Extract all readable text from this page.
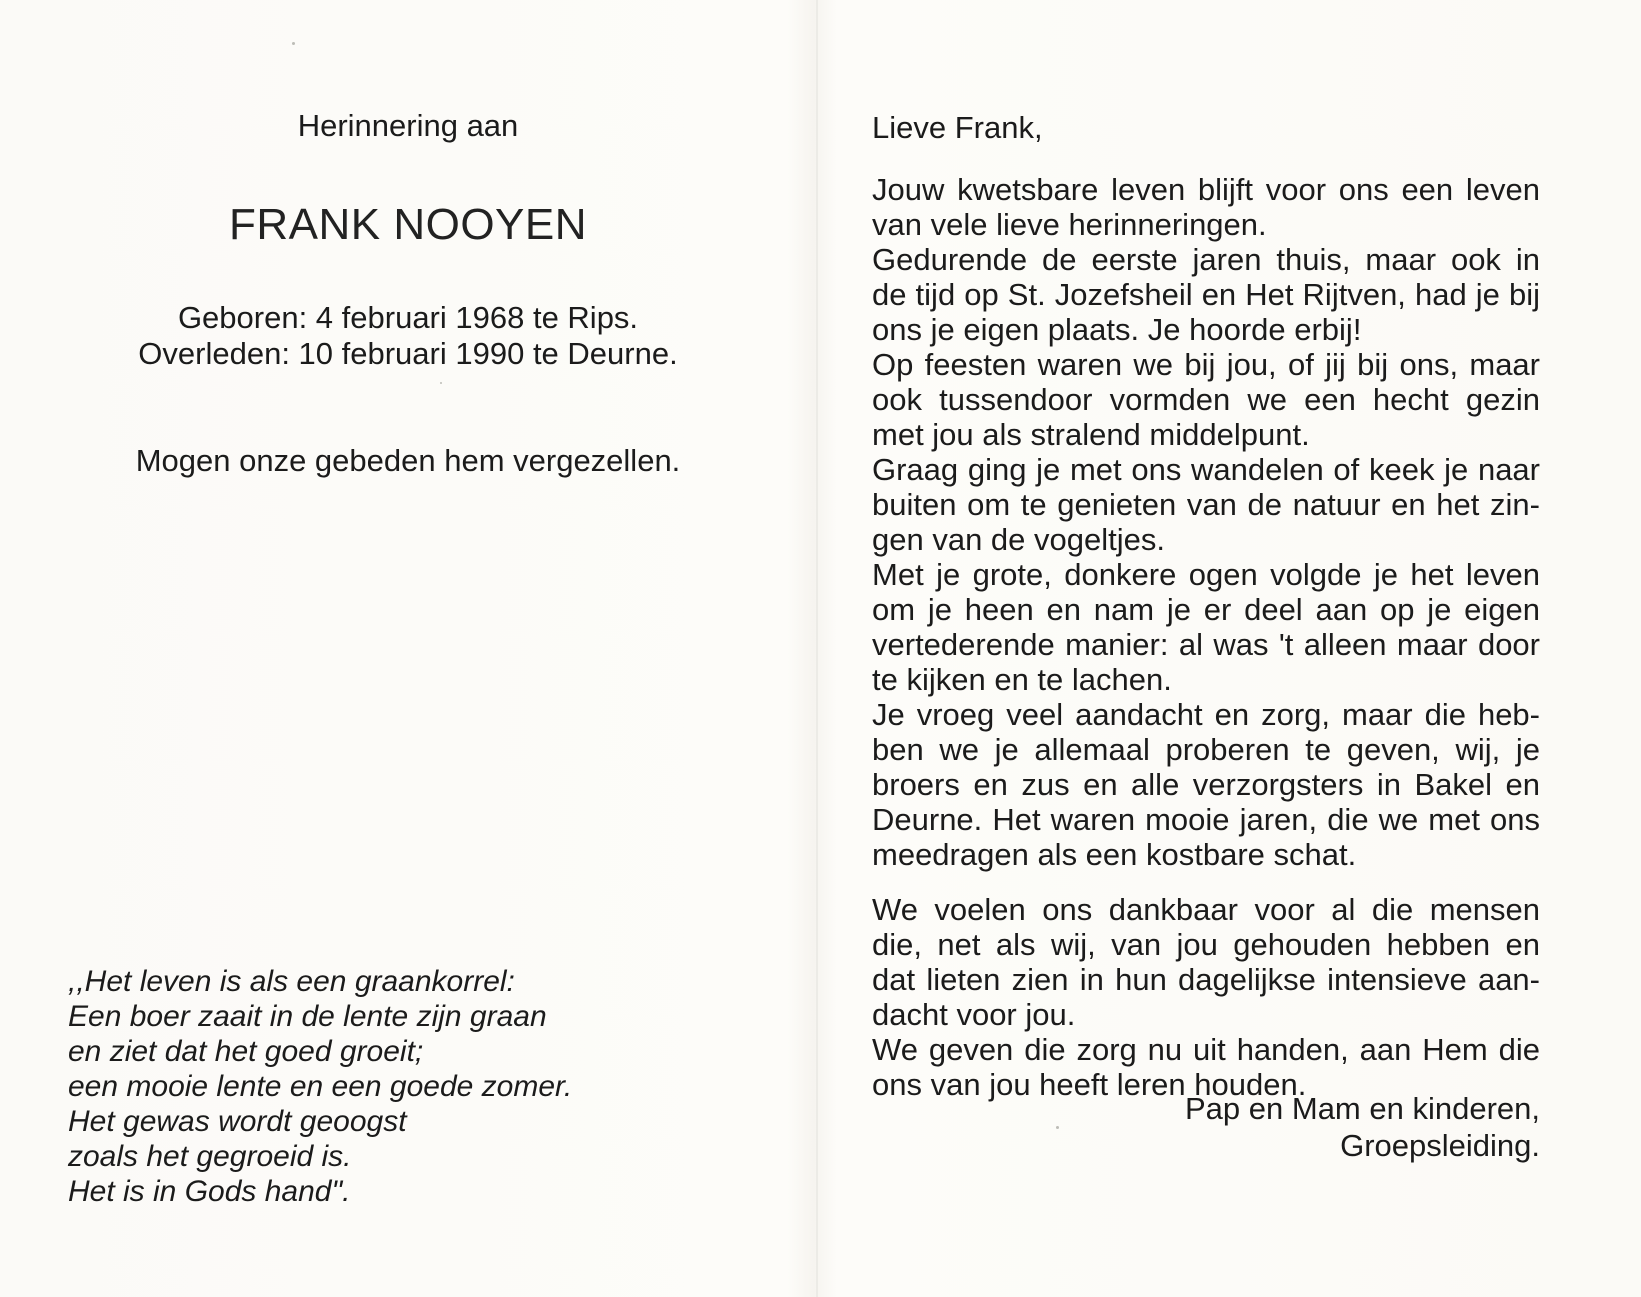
Herinnering aan
FRANK NOOYEN
Geboren: 4 februari 1968 te Rips.
Overleden: 10 februari 1990 te Deurne.
Mogen onze gebeden hem vergezellen.
,,Het leven is als een graankorrel:
Een boer zaait in de lente zijn graan
en ziet dat het goed groeit;
een mooie lente en een goede zomer.
Het gewas wordt geoogst
zoals het gegroeid is.
Het is in Gods hand".
Lieve Frank,
Jouw kwetsbare leven blijft voor ons een leven
van vele lieve herinneringen.
Gedurende de eerste jaren thuis, maar ook in
de tijd op St. Jozefsheil en Het Rijtven, had je bij
ons je eigen plaats. Je hoorde erbij!
Op feesten waren we bij jou, of jij bij ons, maar
ook tussendoor vormden we een hecht gezin
met jou als stralend middelpunt.
Graag ging je met ons wandelen of keek je naar
buiten om te genieten van de natuur en het zin-
gen van de vogeltjes.
Met je grote, donkere ogen volgde je het leven
om je heen en nam je er deel aan op je eigen
vertederende manier: al was 't alleen maar door
te kijken en te lachen.
Je vroeg veel aandacht en zorg, maar die heb-
ben we je allemaal proberen te geven, wij, je
broers en zus en alle verzorgsters in Bakel en
Deurne. Het waren mooie jaren, die we met ons
meedragen als een kostbare schat.
We voelen ons dankbaar voor al die mensen
die, net als wij, van jou gehouden hebben en
dat lieten zien in hun dagelijkse intensieve aan-
dacht voor jou.
We geven die zorg nu uit handen, aan Hem die
ons van jou heeft leren houden.
Pap en Mam en kinderen,
Groepsleiding.
